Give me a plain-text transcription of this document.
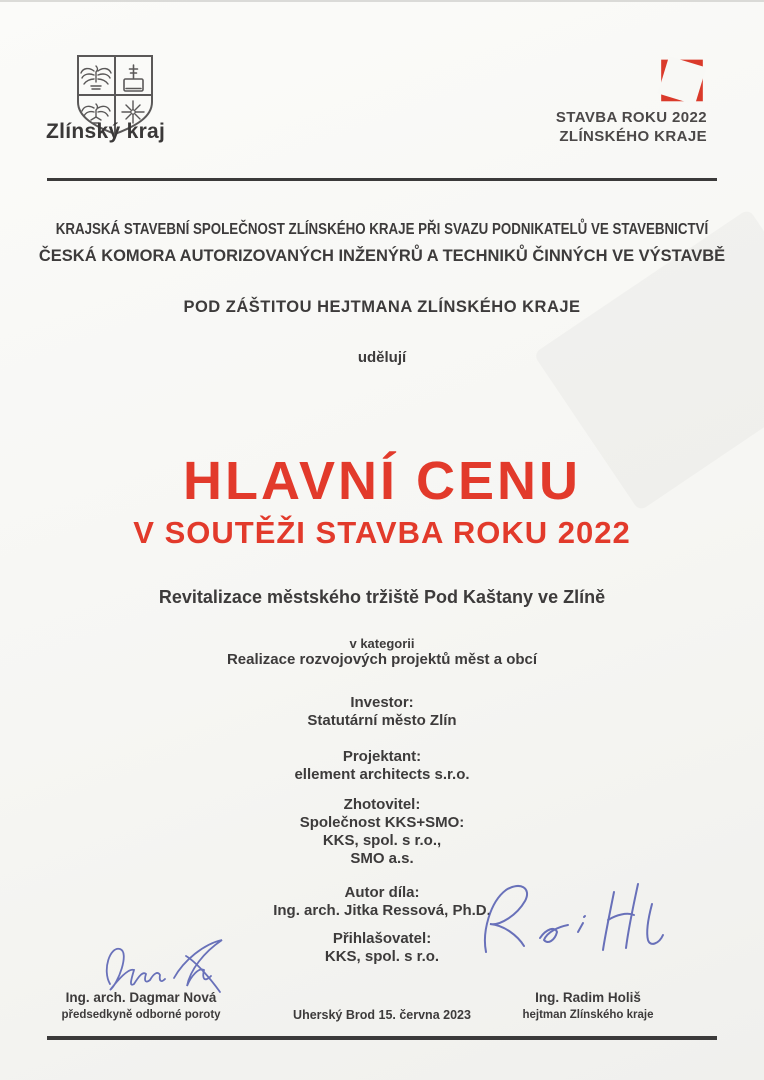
Zlínský kraj
STAVBA ROKU 2022
ZLÍNSKÉHO KRAJE
KRAJSKÁ STAVEBNÍ SPOLEČNOST ZLÍNSKÉHO KRAJE PŘI SVAZU PODNIKATELŮ VE STAVEBNICTVÍ
ČESKÁ KOMORA AUTORIZOVANÝCH INŽENÝRŮ A TECHNIKŮ ČINNÝCH VE VÝSTAVBĚ
POD ZÁŠTITOU HEJTMANA ZLÍNSKÉHO KRAJE
udělují
HLAVNÍ CENU
V SOUTĚŽI STAVBA ROKU 2022
Revitalizace městského tržiště Pod Kaštany ve Zlíně
v kategorii
Realizace rozvojových projektů měst a obcí
Investor:
Statutární město Zlín
Projektant:
ellement architects s.r.o.
Zhotovitel:
Společnost KKS+SMO:
KKS, spol. s r.o.,
SMO a.s.
Autor díla:
Ing. arch. Jitka Ressová, Ph.D.
Přihlašovatel:
KKS, spol. s r.o.
Ing. arch. Dagmar Nová
předsedkyně odborné poroty	Uherský Brod 15. června 2023
Ing. Radim Holiš
hejtman Zlínského kraje
